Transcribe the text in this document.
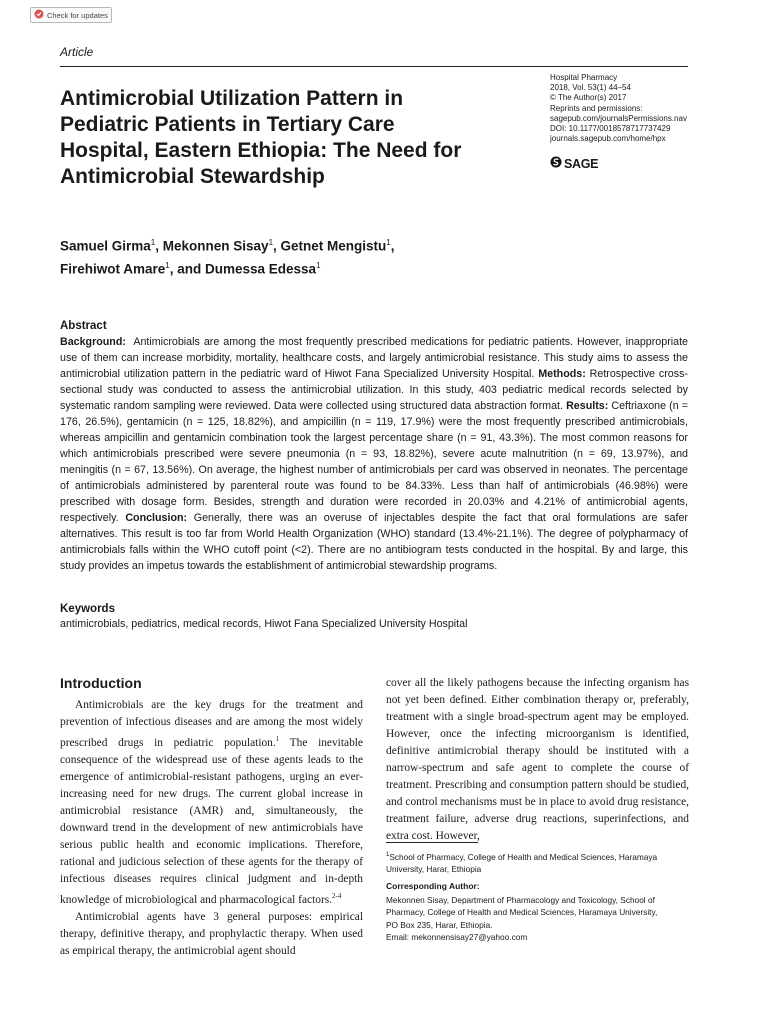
Check for updates
Article
Antimicrobial Utilization Pattern in Pediatric Patients in Tertiary Care Hospital, Eastern Ethiopia: The Need for Antimicrobial Stewardship
Hospital Pharmacy
2018, Vol. 53(1) 44–54
© The Author(s) 2017
Reprints and permissions:
sagepub.com/journalsPermissions.nav
DOI: 10.1177/0018578717737429
journals.sagepub.com/home/hpx
SAGE
Samuel Girma$^1$, Mekonnen Sisay$^1$, Getnet Mengistu$^1$,
Firehiwot Amare$^1$, and Dumessa Edessa$^1$
Abstract
Background: Antimicrobials are among the most frequently prescribed medications for pediatric patients. However, inappropriate use of them can increase morbidity, mortality, healthcare costs, and largely antimicrobial resistance. This study aims to assess the antimicrobial utilization pattern in the pediatric ward of Hiwot Fana Specialized University Hospital. Methods: Retrospective cross-sectional study was conducted to assess the antimicrobial utilization. In this study, 403 pediatric medical records selected by systematic random sampling were reviewed. Data were collected using structured data abstraction format. Results: Ceftriaxone (n = 176, 26.5%), gentamicin (n = 125, 18.82%), and ampicillin (n = 119, 17.9%) were the most frequently prescribed antimicrobials, whereas ampicillin and gentamicin combination took the largest percentage share (n = 91, 43.3%). The most common reasons for which antimicrobials prescribed were severe pneumonia (n = 93, 18.82%), severe acute malnutrition (n = 69, 13.97%), and meningitis (n = 67, 13.56%). On average, the highest number of antimicrobials per card was observed in neonates. The percentage of antimicrobials administered by parenteral route was found to be 84.33%. Less than half of antimicrobials (46.98%) were prescribed with dosage form. Besides, strength and duration were recorded in 20.03% and 4.21% of antimicrobial agents, respectively. Conclusion: Generally, there was an overuse of injectables despite the fact that oral formulations are safer alternatives. This result is too far from World Health Organization (WHO) standard (13.4%-21.1%). The degree of polypharmacy of antimicrobials falls within the WHO cutoff point (<2). There are no antibiogram tests conducted in the hospital. By and large, this study provides an impetus towards the establishment of antimicrobial stewardship programs.
Keywords
antimicrobials, pediatrics, medical records, Hiwot Fana Specialized University Hospital
Introduction

Antimicrobials are the key drugs for the treatment and prevention of infectious diseases and are among the most widely prescribed drugs in pediatric population.$^1$ The inevitable consequence of the widespread use of these agents leads to the emergence of antimicrobial-resistant pathogens, urging an ever-increasing need for new drugs. The current global increase in antimicrobial resistance (AMR) and, simultaneously, the downward trend in the development of new antimicrobials have serious public health and economic implications. Therefore, rational and judicious selection of these agents for the therapy of infectious diseases requires clinical judgment and in-depth knowledge of microbiological and pharmacological factors.$^{2-4}$

Antimicrobial agents have 3 general purposes: empirical therapy, definitive therapy, and prophylactic therapy. When used as empirical therapy, the antimicrobial agent should

cover all the likely pathogens because the infecting organism has not yet been defined. Either combination therapy or, preferably, treatment with a single broad-spectrum agent may be employed. However, once the infecting microorganism is identified, definitive antimicrobial therapy should be instituted with a narrow-spectrum and safe agent to complete the course of treatment. Prescribing and consumption pattern should be studied, and control mechanisms must be in place to avoid drug resistance, treatment failure, adverse drug reactions, superinfections, and extra cost. However,

$^1$School of Pharmacy, College of Health and Medical Sciences, Haramaya University, Harar, Ethiopia
Corresponding Author:
Mekonnen Sisay, Department of Pharmacology and Toxicology, School of Pharmacy, College of Health and Medical Sciences, Haramaya University,
PO Box 235, Harar, Ethiopia.
Email: mekonnensisay27@yahoo.com
